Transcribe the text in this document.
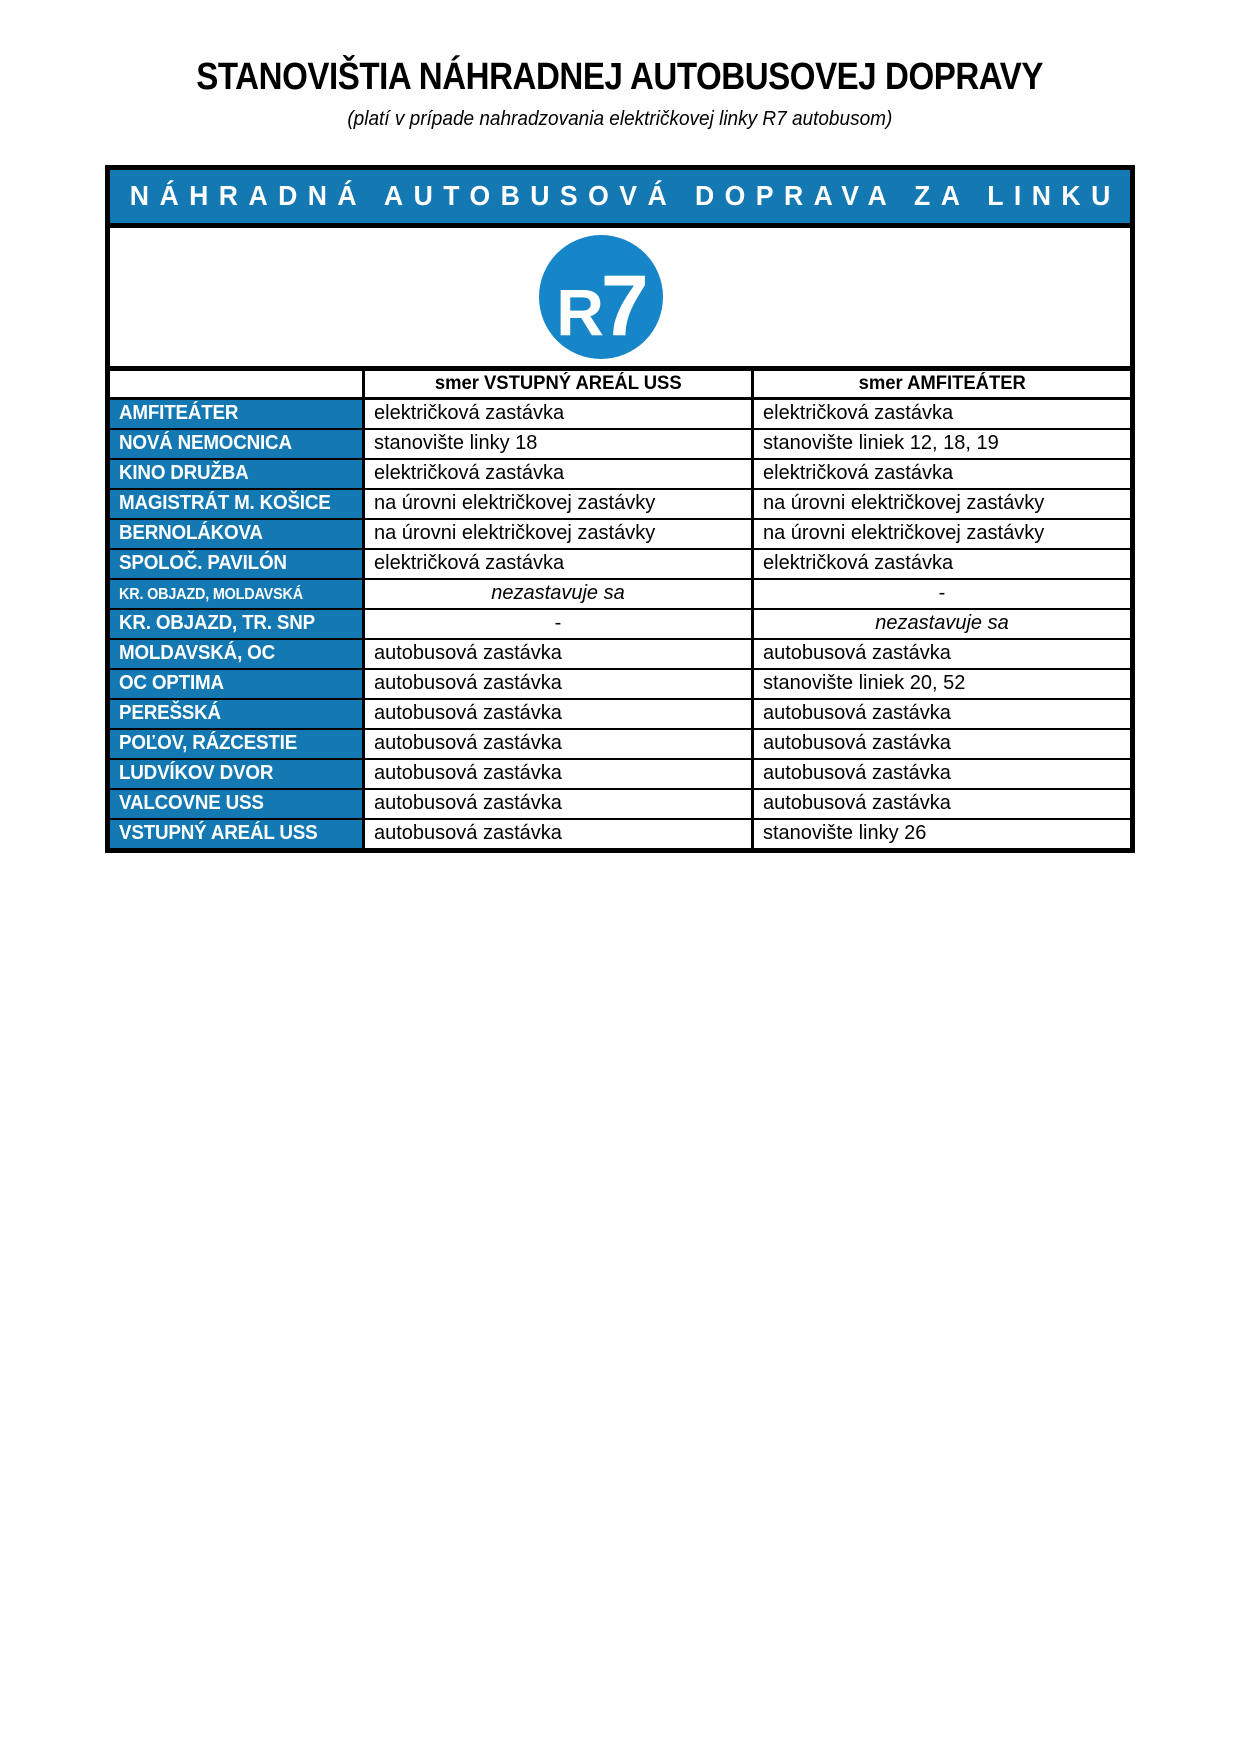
STANOVIŠTIA NÁHRADNEJ AUTOBUSOVEJ DOPRAVY
(platí v prípade nahradzovania električkovej linky R7 autobusom)
NÁHRADNÁ AUTOBUSOVÁ DOPRAVA ZA LINKU
R7
	smer VSTUPNÝ AREÁL USS	smer AMFITEÁTER
AMFITEÁTER	električková zastávka	električková zastávka
NOVÁ NEMOCNICA	stanovište linky 18	stanovište liniek 12, 18, 19
KINO DRUŽBA	električková zastávka	električková zastávka
MAGISTRÁT M. KOŠICE	na úrovni električkovej zastávky	na úrovni električkovej zastávky
BERNOLÁKOVA	na úrovni električkovej zastávky	na úrovni električkovej zastávky
SPOLOČ. PAVILÓN	električková zastávka	električková zastávka
KR. OBJAZD, MOLDAVSKÁ	nezastavuje sa	-
KR. OBJAZD, TR. SNP	-	nezastavuje sa
MOLDAVSKÁ, OC	autobusová zastávka	autobusová zastávka
OC OPTIMA	autobusová zastávka	stanovište liniek 20, 52
PEREŠSKÁ	autobusová zastávka	autobusová zastávka
POĽOV, RÁZCESTIE	autobusová zastávka	autobusová zastávka
LUDVÍKOV DVOR	autobusová zastávka	autobusová zastávka
VALCOVNE USS	autobusová zastávka	autobusová zastávka
VSTUPNÝ AREÁL USS	autobusová zastávka	stanovište linky 26
